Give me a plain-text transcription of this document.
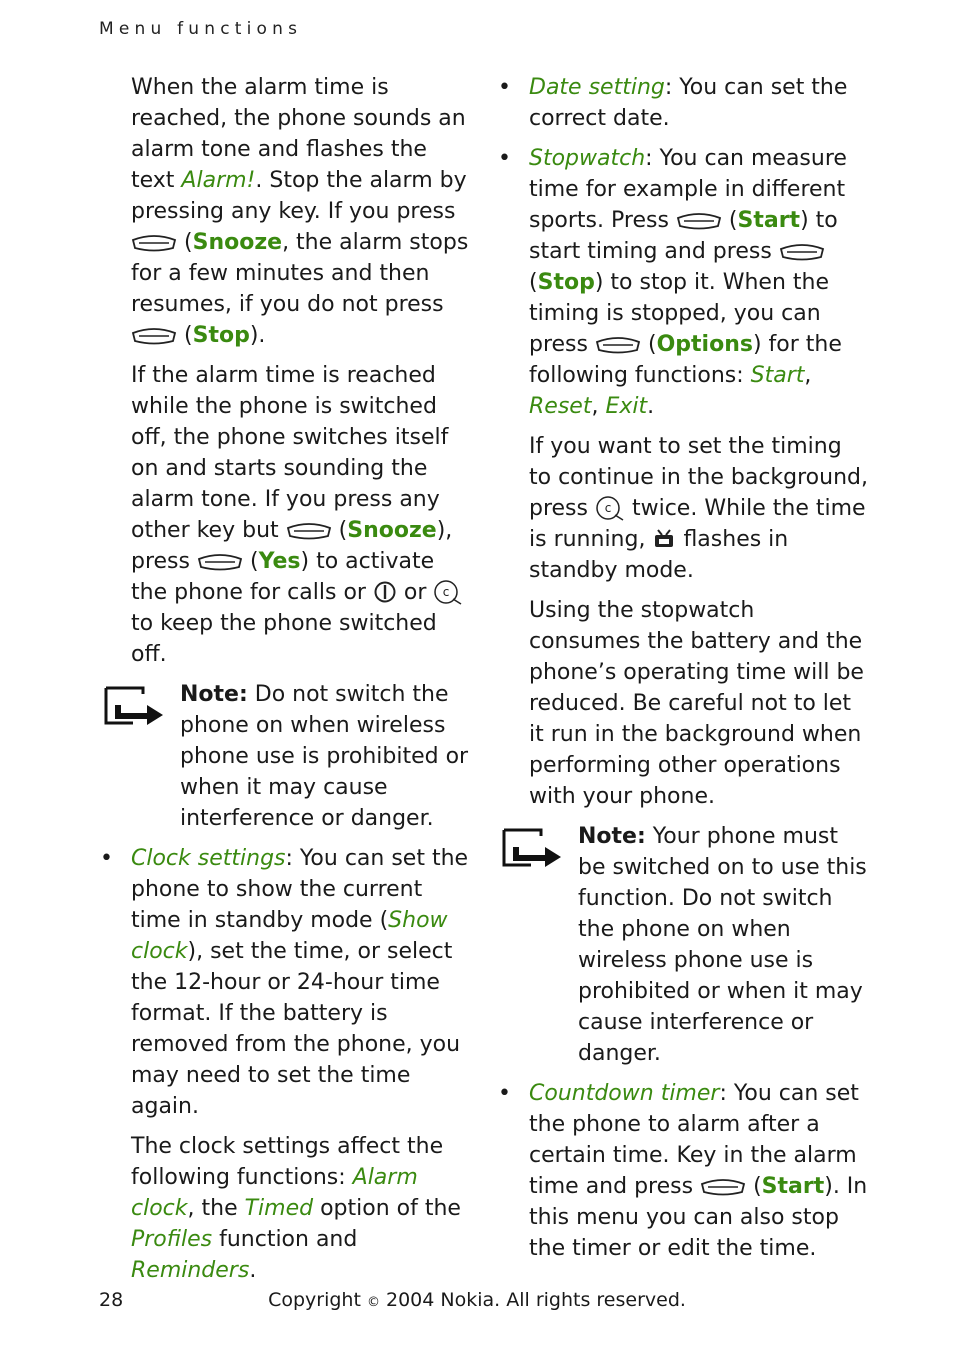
Menu functions

When the alarm time is reached, the phone sounds an alarm tone and flashes the text Alarm!. Stop the alarm by pressing any key. If you press  (Snooze, the alarm stops for a few minutes and then resumes, if you do not press  (Stop).

If the alarm time is reached while the phone is switched off, the phone switches itself on and starts sounding the alarm tone. If you press any other key but  (Snooze), press  (Yes) to activate the phone for calls or  or  to keep the phone switched off.

Note: Do not switch the phone on when wireless phone use is prohibited or when it may cause interference or danger.
• Clock settings: You can set the phone to show the current time in standby mode (Show clock), set the time, or select the 12-hour or 24-hour time format. If the battery is removed from the phone, you may need to set the time again.

The clock settings affect the following functions: Alarm clock, the Timed option of the Profiles function and Reminders.

• Date setting: You can set the correct date.
• Stopwatch: You can measure time for example in different sports. Press  (Start) to start timing and press  (Stop) to stop it. When the timing is stopped, you can press  (Options) for the following functions: Start, Reset, Exit.

If you want to set the timing to continue in the background, press  twice. While the time is running,  flashes in standby mode.

Using the stopwatch consumes the battery and the phone’s operating time will be reduced. Be careful not to let it run in the background when performing other operations with your phone.

Note: Your phone must be switched on to use this function. Do not switch the phone on when wireless phone use is prohibited or when it may cause interference or danger.
• Countdown timer: You can set the phone to alarm after a certain time. Key in the alarm time and press  (Start). In this menu you can also stop the timer or edit the time.
28	Copyright © 2004 Nokia. All rights reserved.
